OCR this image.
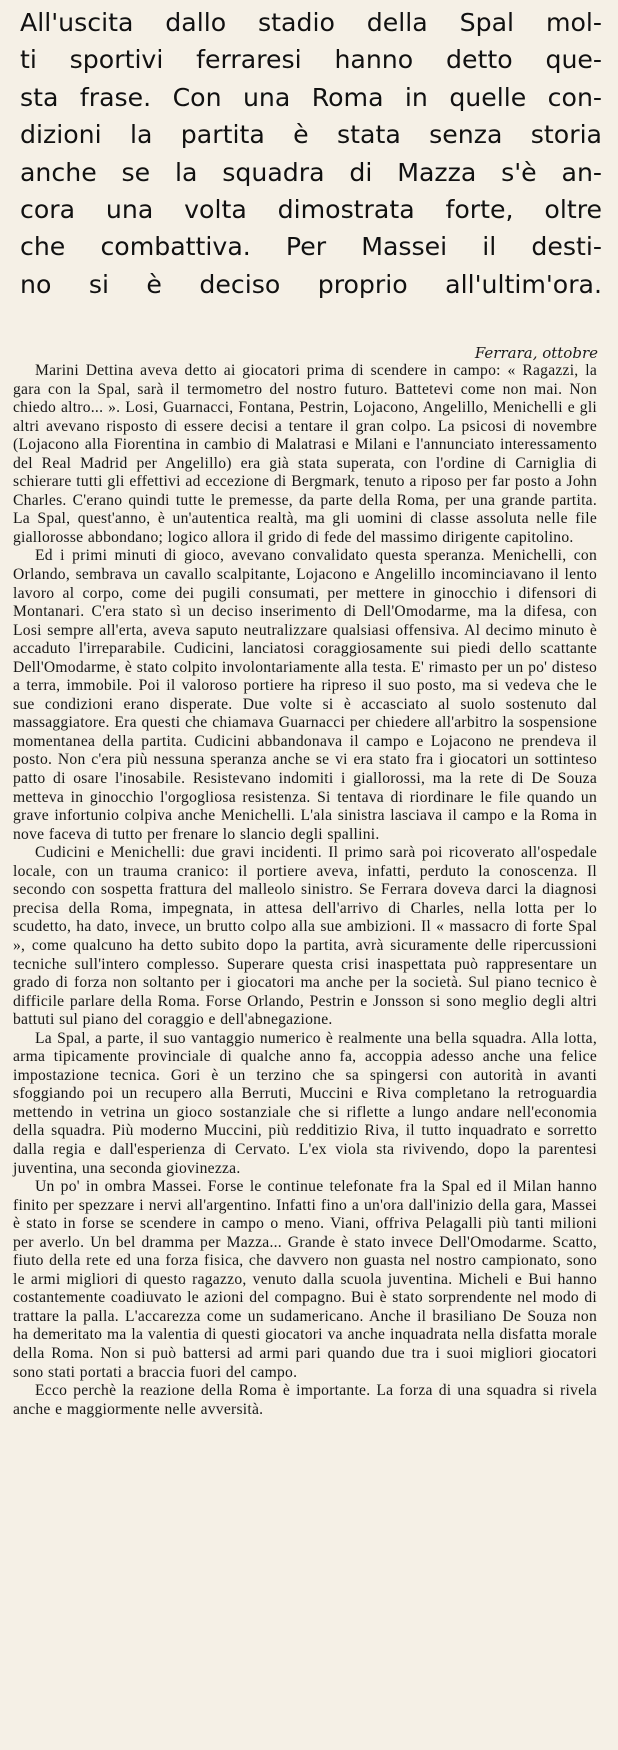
All'uscita dallo stadio della Spal mol-
ti sportivi ferraresi hanno detto que-
sta frase. Con una Roma in quelle con-
dizioni la partita è stata senza storia
anche se la squadra di Mazza s'è an-
cora una volta dimostrata forte, oltre
che combattiva. Per Massei il desti-
no si è deciso proprio all'ultim'ora.
Ferrara, ottobre

Marini Dettina aveva detto ai giocatori prima di scendere in campo: « Ragazzi, la gara con la Spal, sarà il termometro del nostro futuro. Battetevi come non mai. Non chiedo altro... ». Losi, Guarnacci, Fontana, Pestrin, Lojacono, Angelillo, Menichelli e gli altri avevano risposto di essere decisi a tentare il gran colpo. La psicosi di novembre (Lojacono alla Fiorentina in cambio di Malatrasi e Milani e l'annunciato interessamento del Real Madrid per Angelillo) era già stata superata, con l'ordine di Carniglia di schierare tutti gli effettivi ad eccezione di Bergmark, tenuto a riposo per far posto a John Charles. C'erano quindi tutte le premesse, da parte della Roma, per una grande partita. La Spal, quest'anno, è un'autentica realtà, ma gli uomini di classe assoluta nelle file giallorosse abbondano; logico allora il grido di fede del massimo dirigente capitolino.

Ed i primi minuti di gioco, avevano convalidato questa speranza. Menichelli, con Orlando, sembrava un cavallo scalpitante, Lojacono e Angelillo incominciavano il lento lavoro al corpo, come dei pugili consumati, per mettere in ginocchio i difensori di Montanari. C'era stato sì un deciso inserimento di Dell'Omodarme, ma la difesa, con Losi sempre all'erta, aveva saputo neutralizzare qualsiasi offensiva. Al decimo minuto è accaduto l'irreparabile. Cudicini, lanciatosi coraggiosamente sui piedi dello scattante Dell'Omodarme, è stato colpito involontariamente alla testa. E' rimasto per un po' disteso a terra, immobile. Poi il valoroso portiere ha ripreso il suo posto, ma si vedeva che le sue condizioni erano disperate. Due volte si è accasciato al suolo sostenuto dal massaggiatore. Era questi che chiamava Guarnacci per chiedere all'arbitro la sospensione momentanea della partita. Cudicini abbandonava il campo e Lojacono ne prendeva il posto. Non c'era più nessuna speranza anche se vi era stato fra i giocatori un sottinteso patto di osare l'inosabile. Resistevano indomiti i giallorossi, ma la rete di De Souza metteva in ginocchio l'orgogliosa resistenza. Si tentava di riordinare le file quando un grave infortunio colpiva anche Menichelli. L'ala sinistra lasciava il campo e la Roma in nove faceva di tutto per frenare lo slancio degli spallini.

Cudicini e Menichelli: due gravi incidenti. Il primo sarà poi ricoverato all'ospedale locale, con un trauma cranico: il portiere aveva, infatti, perduto la conoscenza. Il secondo con sospetta frattura del malleolo sinistro. Se Ferrara doveva darci la diagnosi precisa della Roma, impegnata, in attesa dell'arrivo di Charles, nella lotta per lo scudetto, ha dato, invece, un brutto colpo alla sue ambizioni. Il « massacro di forte Spal », come qualcuno ha detto subito dopo la partita, avrà sicuramente delle ripercussioni tecniche sull'intero complesso. Superare questa crisi inaspettata può rappresentare un grado di forza non soltanto per i giocatori ma anche per la società. Sul piano tecnico è difficile parlare della Roma. Forse Orlando, Pestrin e Jonsson si sono meglio degli altri battuti sul piano del coraggio e dell'abnegazione.

La Spal, a parte, il suo vantaggio numerico è realmente una bella squadra. Alla lotta, arma tipicamente provinciale di qualche anno fa, accoppia adesso anche una felice impostazione tecnica. Gori è un terzino che sa spingersi con autorità in avanti sfoggiando poi un recupero alla Berruti, Muccini e Riva completano la retroguardia mettendo in vetrina un gioco sostanziale che si riflette a lungo andare nell'economia della squadra. Più moderno Muccini, più redditizio Riva, il tutto inquadrato e sorretto dalla regia e dall'esperienza di Cervato. L'ex viola sta rivivendo, dopo la parentesi juventina, una seconda giovinezza.

Un po' in ombra Massei. Forse le continue telefonate fra la Spal ed il Milan hanno finito per spezzare i nervi all'argentino. Infatti fino a un'ora dall'inizio della gara, Massei è stato in forse se scendere in campo o meno. Viani, offriva Pelagalli più tanti milioni per averlo. Un bel dramma per Mazza... Grande è stato invece Dell'Omodarme. Scatto, fiuto della rete ed una forza fisica, che davvero non guasta nel nostro campionato, sono le armi migliori di questo ragazzo, venuto dalla scuola juventina. Micheli e Bui hanno costantemente coadiuvato le azioni del compagno. Bui è stato sorprendente nel modo di trattare la palla. L'accarezza come un sudamericano. Anche il brasiliano De Souza non ha demeritato ma la valentia di questi giocatori va anche inquadrata nella disfatta morale della Roma. Non si può battersi ad armi pari quando due tra i suoi migliori giocatori sono stati portati a braccia fuori del campo.

Ecco perchè la reazione della Roma è importante. La forza di una squadra si rivela anche e maggiormente nelle avversità.
